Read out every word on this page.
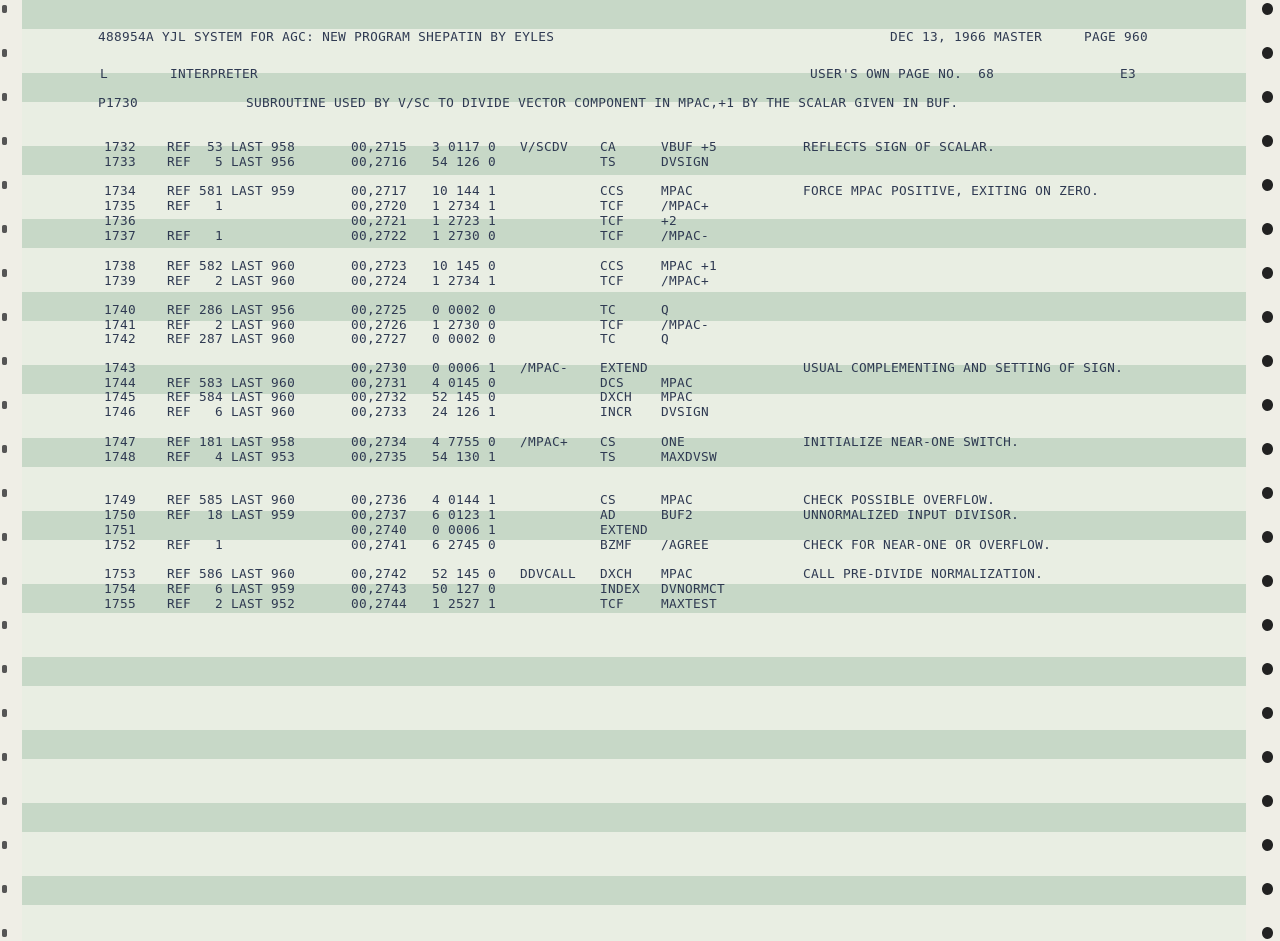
488954A YJL SYSTEM FOR AGC: NEW PROGRAM SHEPATIN BY EYLES	DEC 13, 1966 MASTER	PAGE 960
L	INTERPRETER	USER'S OWN PAGE NO.  68	E3
P1730	SUBROUTINE USED BY V/SC TO DIVIDE VECTOR COMPONENT IN MPAC,+1 BY THE SCALAR GIVEN IN BUF.
1732 REF  53 LAST 958	00,2715 3 0117 0 V/SCDV CA	VBUF +5	REFLECTS SIGN OF SCALAR.
1733 REF   5 LAST 956	00,2716 54 126 0	TS	DVSIGN
1734 REF 581 LAST 959	00,2717 10 144 1	CCS	MPAC	FORCE MPAC POSITIVE, EXITING ON ZERO.
1735 REF   1	00,2720 1 2734 1	TCF	/MPAC+
1736	00,2721 1 2723 1	TCF	+2
1737 REF   1	00,2722 1 2730 0	TCF	/MPAC-
1738 REF 582 LAST 960	00,2723 10 145 0	CCS	MPAC +1
1739 REF   2 LAST 960	00,2724 1 2734 1	TCF	/MPAC+
1740 REF 286 LAST 956	00,2725 0 0002 0	TC	Q
1741 REF   2 LAST 960	00,2726 1 2730 0	TCF	/MPAC-
1742 REF 287 LAST 960	00,2727 0 0002 0	TC	Q
1743	00,2730 0 0006 1 /MPAC- EXTEND	USUAL COMPLEMENTING AND SETTING OF SIGN.
1744 REF 583 LAST 960	00,2731 4 0145 0	DCS	MPAC
1745 REF 584 LAST 960	00,2732 52 145 0	DXCH MPAC
1746 REF   6 LAST 960	00,2733 24 126 1	INCR DVSIGN
1747 REF 181 LAST 958	00,2734 4 7755 0 /MPAC+ CS	ONE	INITIALIZE NEAR-ONE SWITCH.
1748 REF   4 LAST 953	00,2735 54 130 1	TS	MAXDVSW
1749 REF 585 LAST 960	00,2736 4 0144 1	CS	MPAC	CHECK POSSIBLE OVERFLOW.
1750 REF  18 LAST 959	00,2737 6 0123 1	AD	BUF2	UNNORMALIZED INPUT DIVISOR.
1751	00,2740 0 0006 1	EXTEND
1752 REF   1	00,2741 6 2745 0	BZMF /AGREE	CHECK FOR NEAR-ONE OR OVERFLOW.
1753 REF 586 LAST 960	00,2742 52 145 0 DDVCALL DXCH MPAC	CALL PRE-DIVIDE NORMALIZATION.
1754 REF   6 LAST 959	00,2743 50 127 0	INDEX DVNORMCT
1755 REF   2 LAST 952	00,2744 1 2527 1	TCF	MAXTEST
